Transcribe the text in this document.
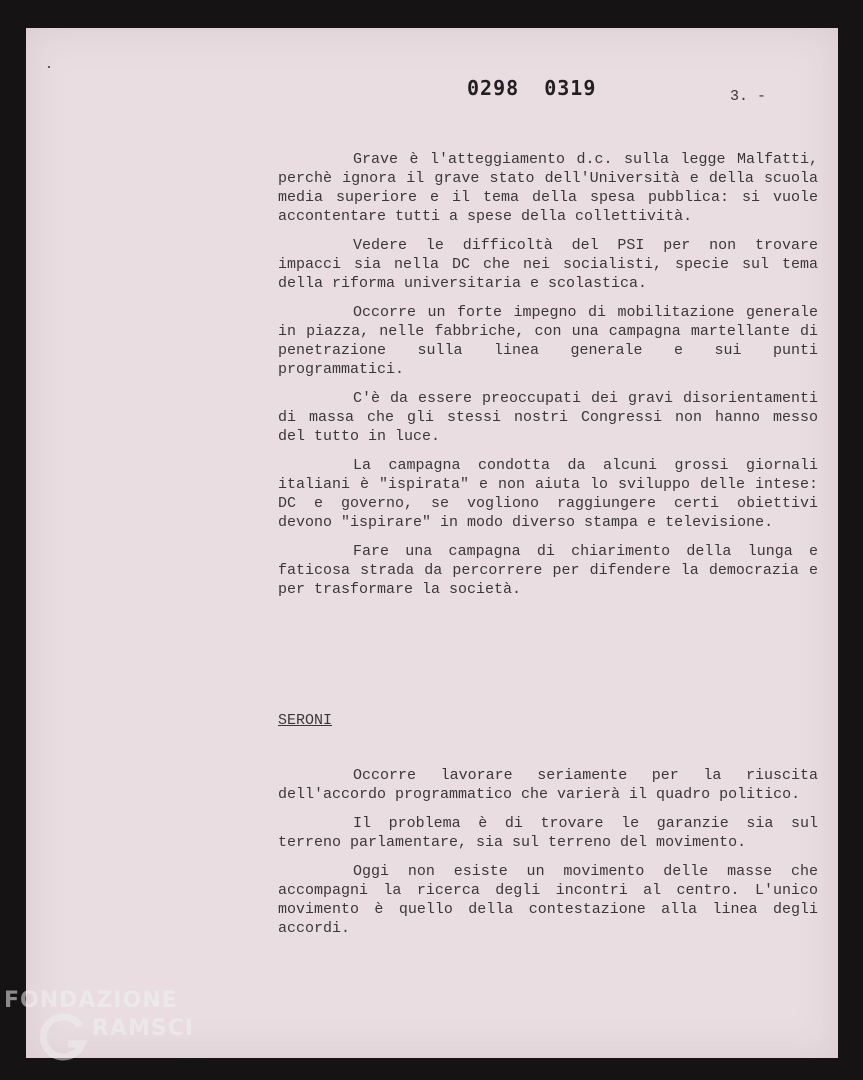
0298 0319	3. -

Grave è l'atteggiamento d.c. sulla legge Malfatti, perchè ignora il grave stato dell'Università e della scuola media superiore e il tema della spesa pubblica: si vuole accontentare tutti a spese della collettività.

Vedere le difficoltà del PSI per non trovare impacci sia nella DC che nei socialisti, specie sul tema della riforma universitaria e scolastica.

Occorre un forte impegno di mobilitazione generale in piazza, nelle fabbriche, con una campagna martellante di penetrazione sulla linea generale e sui punti programmatici.

C'è da essere preoccupati dei gravi disorientamenti di massa che gli stessi nostri Congressi non hanno messo del tutto in luce.

La campagna condotta da alcuni grossi giornali italiani è "ispirata" e non aiuta lo sviluppo delle intese: DC e governo, se vogliono raggiungere certi obiettivi devono "ispirare" in modo diverso stampa e televisione.

Fare una campagna di chiarimento della lunga e faticosa strada da percorrere per difendere la democrazia e per trasformare la società.

SERONI

Occorre lavorare seriamente per la riuscita dell'accordo programmatico che varierà il quadro politico.

Il problema è di trovare le garanzie sia sul terreno parlamentare, sia sul terreno del movimento.

Oggi non esiste un movimento delle masse che accompagni la ricerca degli incontri al centro. L'unico movimento è quello della contestazione alla linea degli accordi.

FONDAZIONE

RAMSCI

onlus
